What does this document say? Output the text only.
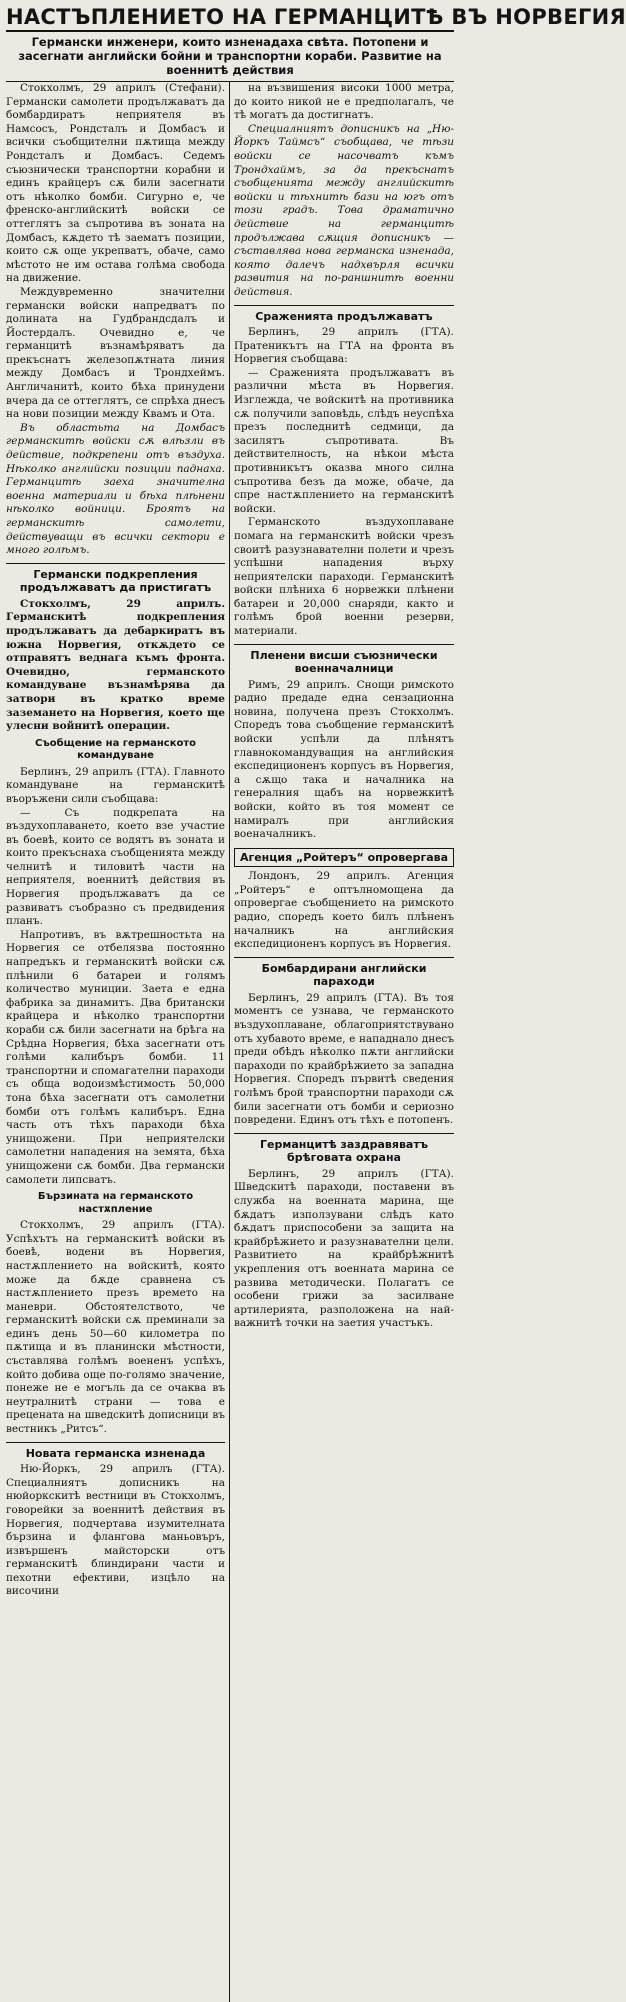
НАСТЪПЛЕНИЕТО НА ГЕРМАНЦИТѢ ВЪ НОРВЕГИЯ
Германски инженери, които изненадаха свѣта. Потопени и засегнати английски бойни и транспортни кораби. Развитие на военнитѣ действия

Стокхолмъ, 29 априлъ (Стефани). Германски самолети продължаватъ да бомбардиратъ неприятеля въ Намсосъ, Рондсталъ и Домбасъ и всички съобщителни пѫтища между Рондсталъ и Домбасъ. Седемъ съюзнически транспортни корабни и единъ крайцеръ сѫ били засегнати отъ нѣколко бомби. Сигурно е, че френско-английскитѣ войски се оттеглятъ за съпротива въ зоната на Домбасъ, кѫдето тѣ заематъ позиции, които сѫ още укрепватъ, обаче, само мѣстото не им остава голѣма свобода на движение.

Междувременно значителни германски войски напредватъ по долината на Гудбрандсдалъ и Йостердалъ. Очевидно е, че германцитѣ възнамѣряватъ да прекъснатъ железопѫтната линия между Домбасъ и Трондхеймъ. Англичанитѣ, които бѣха принудени вчера да се оттеглятъ, се спрѣха днесъ на нови позиции между Квамъ и Ота.

Въ областьта на Домбасъ германскитѣ войски сѫ влѣзли въ действие, подкрепени отъ въздуха. Нѣколко английски позиции паднаха. Германцитѣ заеха значителна военна материали и бѣха плѣнени нѣколко войници. Броятъ на германскитѣ самолети, действуващи въ всички сектори е много голѣмъ.

Германски подкрепления продължаватъ да пристигатъ

Стокхолмъ, 29 априлъ. Германскитѣ подкрепления продължаватъ да дебаркиратъ въ южна Норвегия, откѫдето се отправятъ веднага къмъ фронта. Очевидно, германското командуване възнамѣрява да затвори въ кратко време заземането на Норвегия, което ще улесни войнитѣ операции.

Съобщение на германското командуване

Берлинъ, 29 априлъ (ГТА). Главното командуване на германскитѣ въоръжени сили съобщава:

— Съ подкрепата на въздухоплаването, което взе участие въ боевѣ, които се водятъ въ зоната и които прекъснаха съобщенията между челнитѣ и тиловитѣ части на неприятеля, военнитѣ действия въ Норвегия продължаватъ да се развиватъ съобразно съ предвидения планъ.

Напротивъ, въ вѫтрешностьта на Норвегия се отбелязва постоянно напредъкъ и германскитѣ войски сѫ плѣнили 6 батареи и голямъ количество муниции. Заета е една фабрика за динамитъ. Два британски крайцера и нѣколко транспортни кораби сѫ били засегнати на брѣга на Срѣдна Норвегия, бѣха засегнати отъ голѣми калибъръ бомби. 11 транспортни и спомагателни параходи съ обща водоизмѣстимость 50,000 тона бѣха засегнати отъ самолетни бомби отъ голѣмъ калибъръ. Една часть отъ тѣхъ параходи бѣха унищожени. При неприятелски самолетни нападения на земята, бѣха унищожени сѫ бомби. Два германски самолети липсватъ.

Бързината на германското настѫпление

Стокхолмъ, 29 априлъ (ГТА). Успѣхътъ на германскитѣ войски въ боевѣ, водени въ Норвегия, настѫплението на войскитѣ, която може да бѫде сравнена съ настѫплението презъ времето на маневри. Обстоятелството, че германскитѣ войски сѫ преминали за единъ день 50—60 километра по пѫтища и въ планински мѣстности, съставлява голѣмъ воененъ успѣхъ, който добива още по-голямо значение, понеже не е могъль да се очаква въ неутралнитѣ страни — това е прецената на шведскитѣ дописници въ вестникъ „Ритсъ“.

Новата германска изненада

Ню-Йоркъ, 29 априлъ (ГТА). Специалниятъ дописникъ на нюйоркскитѣ вестници въ Стокхолмъ, говорейки за военнитѣ действия въ Норвегия, подчертава изумителната бързина и флангова маньовъръ, извършенъ майсторски отъ германскитѣ блиндирани части и пехотни ефективи, изцѣло на височини

на възвишения високи 1000 метра, до които никой не е предполагалъ, че тѣ могатъ да достигнатъ.

Специалниятъ дописникъ на „Ню-Йоркъ Таймсъ“ съобщава, че тѣзи войски се насочватъ къмъ Трондхаймъ, за да прекъснатъ съобщенията между английскитѣ войски и тѣхнитѣ бази на югъ отъ този градъ. Това драматично действие на германцитѣ продължава сѫщия дописникъ — съставлява нова германска изненада, която далечъ надхвърля всички развития на по-раншнитѣ военни действия.

Сраженията продължаватъ

Берлинъ, 29 априлъ (ГТА). Пратеникътъ на ГТА на фронта въ Норвегия съобщава:

— Сраженията продължаватъ въ различни мѣста въ Норвегия. Изглежда, че войскитѣ на противника сѫ получили заповѣдь, слѣдъ неуспѣха презъ последнитѣ седмици, да засилятъ съпротивата. Въ действителность, на нѣкои мѣста противникътъ оказва много силна съпротива безъ да може, обаче, да спре настѫплението на германскитѣ войски.

Германското въздухоплаване помага на германскитѣ войски чрезъ своитѣ разузнавателни полети и чрезъ успѣшни нападения върху неприятелски параходи. Германскитѣ войски плѣниха 6 норвежки плѣнени батареи и 20,000 снаряди, както и голѣмъ брой военни резерви, материали.

Пленени висши съюзнически военначалници

Римъ, 29 априлъ. Снощи римското радио предаде една сензационна новина, получена презъ Стокхолмъ. Споредъ това съобщение германскитѣ войски успѣли да плѣнятъ главнокомандуващия на английския експедиционенъ корпусъ въ Норвегия, а сѫщо така и началника на генералния щабъ на норвежкитѣ войски, който въ тоя момент се намиралъ при английския военачалникъ.

Агенция „Ройтеръ“ опровергава

Лондонъ, 29 априлъ. Агенция „Ройтеръ“ е оптълномощена да опровергае съобщението на римското радио, споредъ което билъ плѣненъ началникъ на английския експедиционенъ корпусъ въ Норвегия.

Бомбардирани английски параходи

Берлинъ, 29 априлъ (ГТА). Въ тоя моментъ се узнава, че германското въздухоплаване, облагоприятствувано отъ хубавото време, е нападнало днесъ преди обѣдъ нѣколко пѫти английски параходи по крайбрѣжието за западна Норвегия. Споредъ първитѣ сведения голѣмъ брой транспортни параходи сѫ били засегнати отъ бомби и сериозно повредени. Единъ отъ тѣхъ е потопенъ.

Германцитѣ заздравяватъ брѣговата охрана

Берлинъ, 29 априлъ (ГТА). Шведскитѣ параходи, поставени въ служба на военната марина, ще бѫдатъ използувани слѣдъ като бѫдатъ приспособени за защита на крайбрѣжието и разузнавателни цели. Развитието на крайбрѣжнитѣ укрепления отъ военната марина се развива методически. Полагатъ се особени грижи за засилване артилерията, разположена на най-важнитѣ точки на заетия участъкъ.
